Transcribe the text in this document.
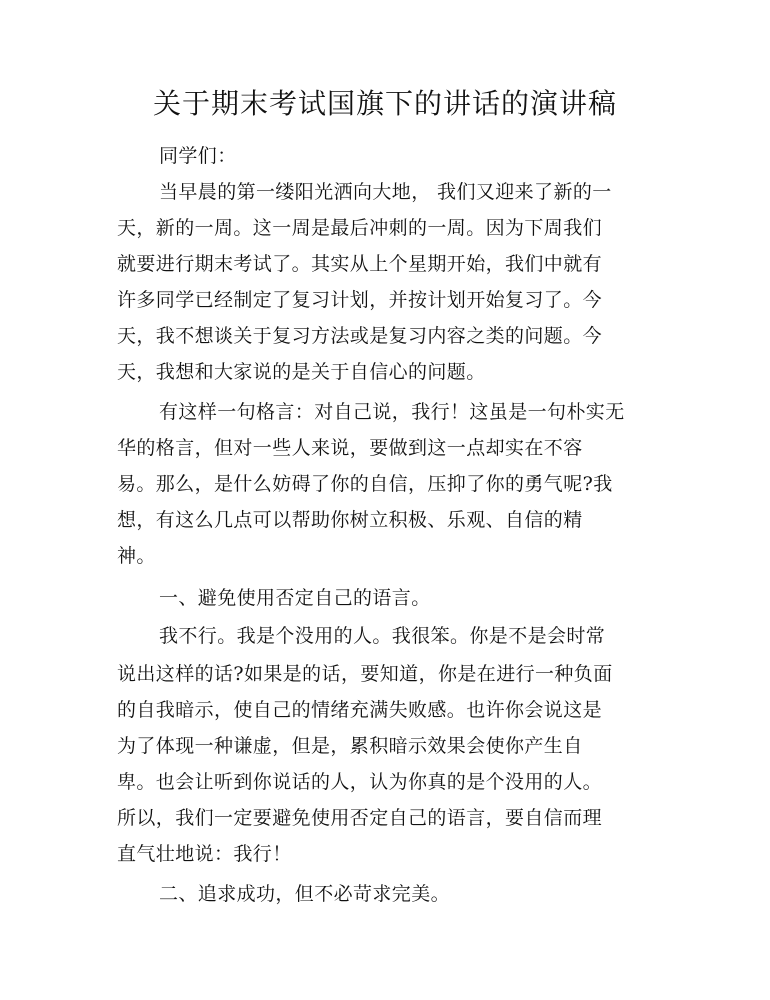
关于期末考试国旗下的讲话的演讲稿
同学们：
当早晨的第一缕阳光洒向大地， 我们又迎来了新的一
天，新的一周。这一周是最后冲刺的一周。因为下周我们
就要进行期末考试了。其实从上个星期开始，我们中就有
许多同学已经制定了复习计划，并按计划开始复习了。今
天，我不想谈关于复习方法或是复习内容之类的问题。今
天，我想和大家说的是关于自信心的问题。
有这样一句格言：对自己说，我行！这虽是一句朴实无
华的格言，但对一些人来说，要做到这一点却实在不容
易。那么，是什么妨碍了你的自信，压抑了你的勇气呢?我
想，有这么几点可以帮助你树立积极、乐观、自信的精
神。
一、避免使用否定自己的语言。
我不行。我是个没用的人。我很笨。你是不是会时常
说出这样的话?如果是的话，要知道，你是在进行一种负面
的自我暗示，使自己的情绪充满失败感。也许你会说这是
为了体现一种谦虚，但是，累积暗示效果会使你产生自
卑。也会让听到你说话的人，认为你真的是个没用的人。
所以，我们一定要避免使用否定自己的语言，要自信而理
直气壮地说：我行！
二、追求成功，但不必苛求完美。
